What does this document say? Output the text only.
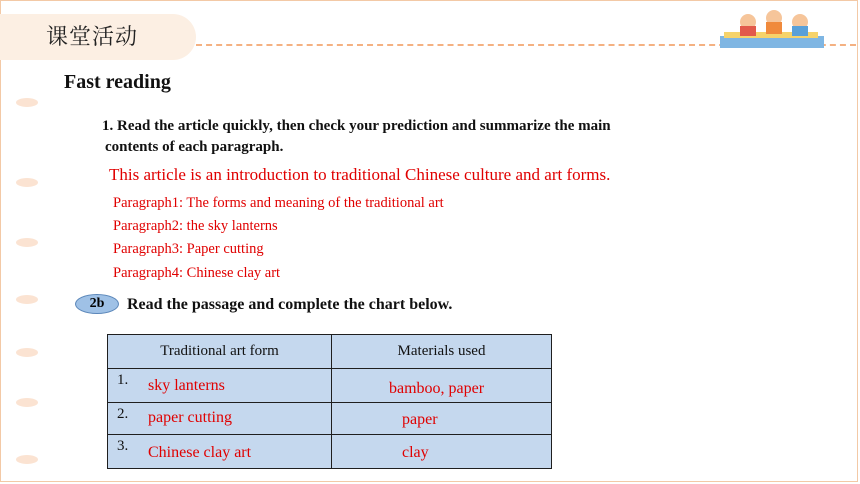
课堂活动
Fast reading
1. Read the article quickly, then check your prediction and summarize the main
contents of each paragraph.
This article is an introduction to traditional Chinese culture and art forms.
Paragraph1: The forms and meaning of the traditional art
Paragraph2: the sky lanterns
Paragraph3: Paper cutting
Paragraph4: Chinese clay art
2b	Read the passage and complete the chart below.
Traditional art form	Materials used

1. sky lanterns	bamboo, paper

2. paper cutting	paper

3. Chinese clay art	clay
